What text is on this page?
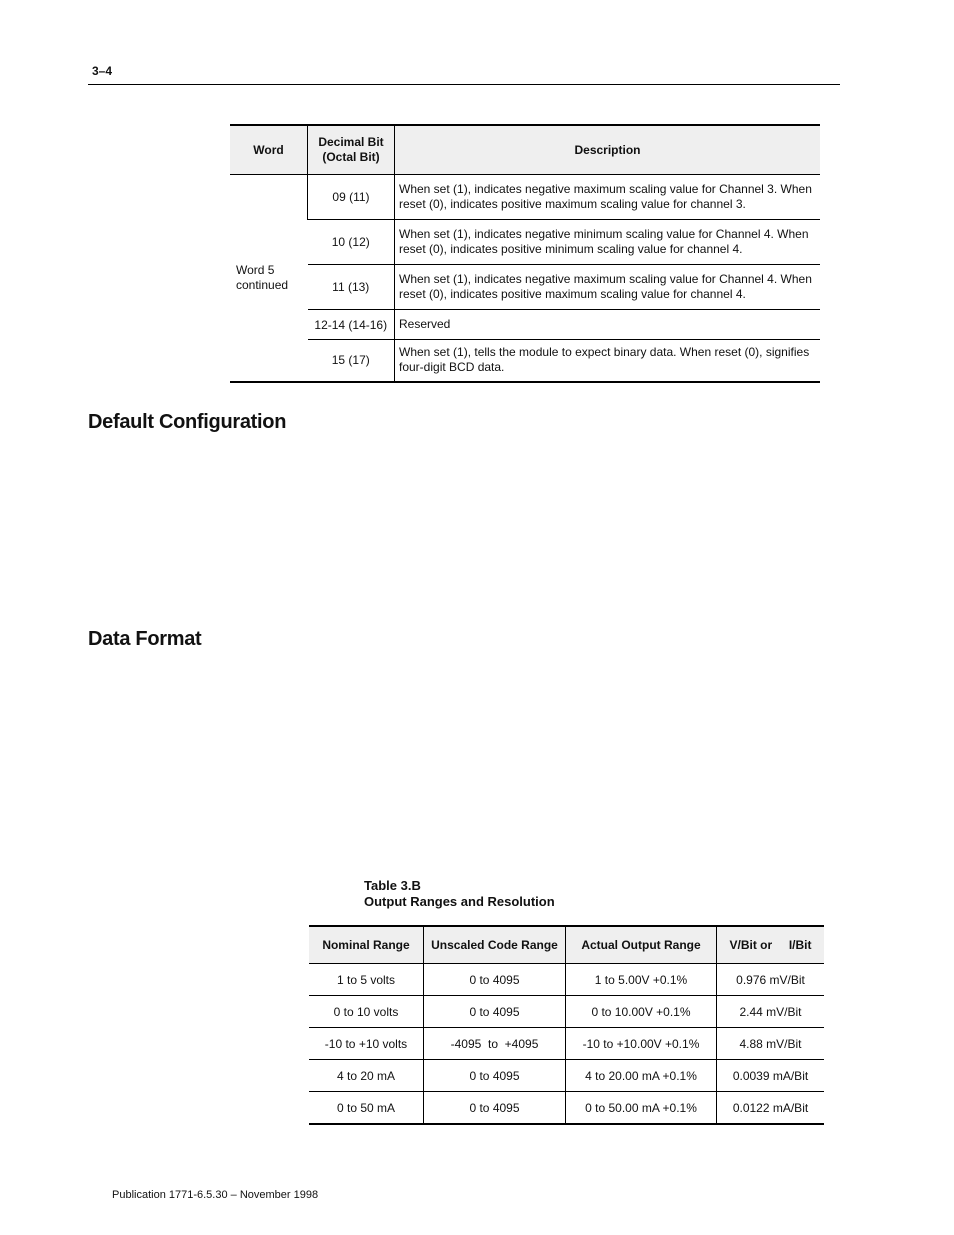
3–4
Word	Decimal Bit (Octal Bit)	Description
Word 5 continued	09 (11)	When set (1), indicates negative maximum scaling value for Channel 3. When reset (0), indicates positive maximum scaling value for channel 3.
	10 (12)	When set (1), indicates negative minimum scaling value for Channel 4. When reset (0), indicates positive minimum scaling value for channel 4.
	11 (13)	When set (1), indicates negative maximum scaling value for Channel 4. When reset (0), indicates positive maximum scaling value for channel 4.
	12-14 (14-16)	Reserved
	15 (17)	When set (1), tells the module to expect binary data. When reset (0), signifies four-digit BCD data.
Default Configuration
Data Format
Table 3.B
Output Ranges and Resolution
Nominal Range	Unscaled Code Range	Actual Output Range	V/Bit or     I/Bit
1 to 5 volts	0 to 4095	1 to 5.00V +0.1%	0.976 mV/Bit
0 to 10 volts	0 to 4095	0 to 10.00V +0.1%	2.44 mV/Bit
-10 to +10 volts	-4095  to  +4095	-10 to +10.00V +0.1%	4.88 mV/Bit
4 to 20 mA	0 to 4095	4 to 20.00 mA +0.1%	0.0039 mA/Bit
0 to 50 mA	0 to 4095	0 to 50.00 mA +0.1%	0.0122 mA/Bit
Publication 1771-6.5.30 – November 1998
